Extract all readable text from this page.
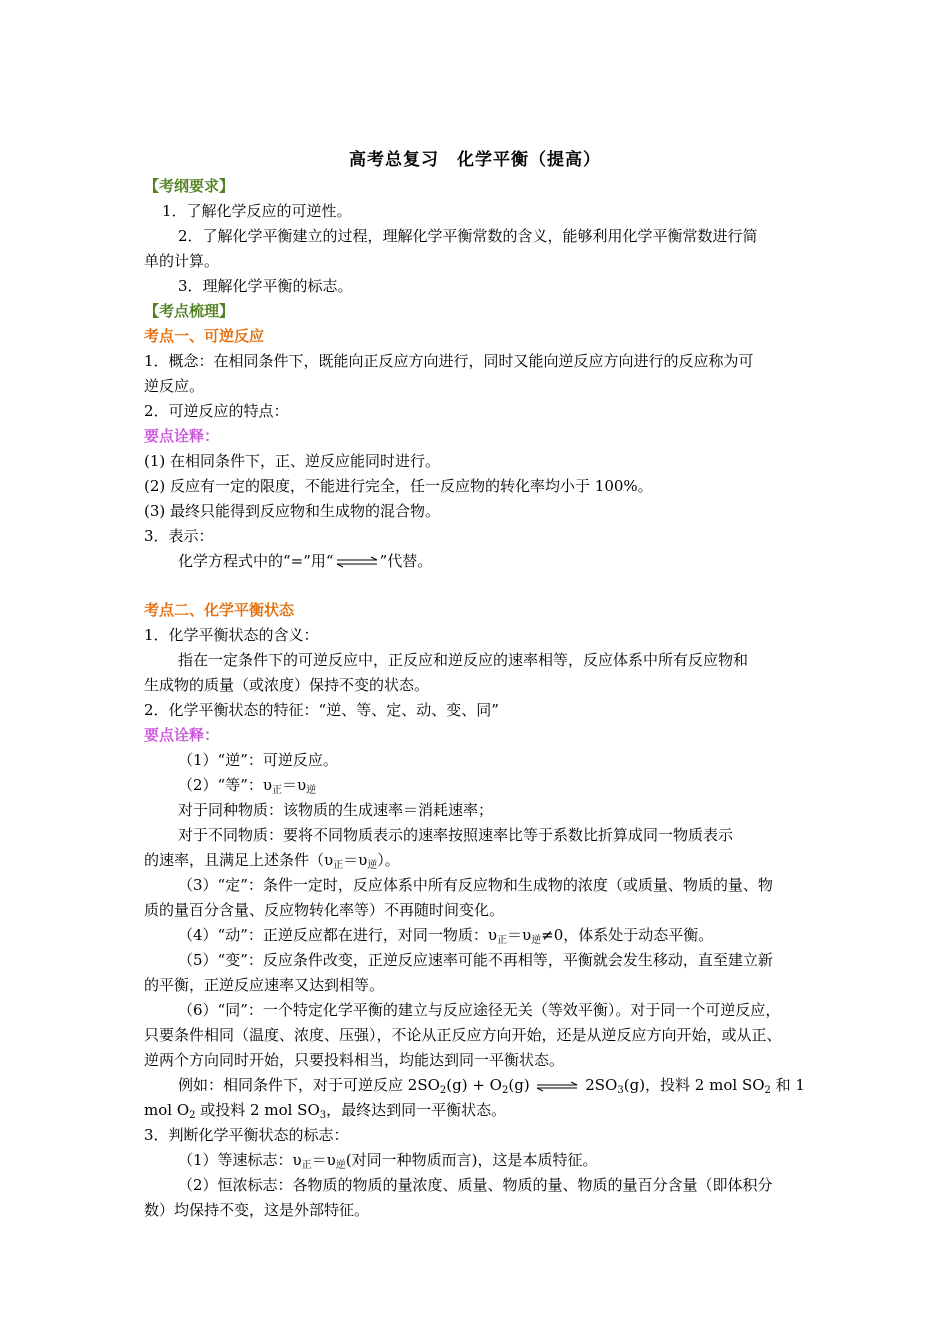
高考总复习　化学平衡（提高）
【考纲要求】
1．了解化学反应的可逆性。
2．了解化学平衡建立的过程，理解化学平衡常数的含义，能够利用化学平衡常数进行简
单的计算。
3．理解化学平衡的标志。
【考点梳理】
考点一、可逆反应
1．概念：在相同条件下，既能向正反应方向进行，同时又能向逆反应方向进行的反应称为可
逆反应。
2．可逆反应的特点：
要点诠释：
(1) 在相同条件下，正、逆反应能同时进行。
(2) 反应有一定的限度，不能进行完全，任一反应物的转化率均小于 100%。
(3) 最终只能得到反应物和生成物的混合物。
3．表示：
化学方程式中的“=”用“⇌”代替。
考点二、化学平衡状态
1．化学平衡状态的含义：
指在一定条件下的可逆反应中，正反应和逆反应的速率相等，反应体系中所有反应物和
生成物的质量（或浓度）保持不变的状态。
2．化学平衡状态的特征：“逆、等、定、动、变、同”
要点诠释：
（1）“逆”：可逆反应。
（2）“等”：$\upsilon_正=\upsilon_逆$
对于同种物质：该物质的生成速率＝消耗速率；
对于不同物质：要将不同物质表示的速率按照速率比等于系数比折算成同一物质表示
的速率，且满足上述条件$(\upsilon_正=\upsilon_逆)$。
（3）“定”：条件一定时，反应体系中所有反应物和生成物的浓度（或质量、物质的量、物
质的量百分含量、反应物转化率等）不再随时间变化。
（4）“动”：正逆反应都在进行，对同一物质：$\upsilon_正=\upsilon_逆\ne 0$，体系处于动态平衡。
（5）“变”：反应条件改变，正逆反应速率可能不再相等，平衡就会发生移动，直至建立新
的平衡，正逆反应速率又达到相等。
（6）“同”：一个特定化学平衡的建立与反应途径无关（等效平衡）。对于同一个可逆反应，
只要条件相同（温度、浓度、压强），不论从正反应方向开始，还是从逆反应方向开始，或从正、
逆两个方向同时开始，只要投料相当，均能达到同一平衡状态。
例如：相同条件下，对于可逆反应 $2SO_2(g) + O_2(g)$ ⇌ $2SO_3(g)$，投料 2 mol $SO_2$ 和 1
mol $O_2$ 或投料 2 mol $SO_3$，最终达到同一平衡状态。
3．判断化学平衡状态的标志：
（1）等速标志：$\upsilon_正=\upsilon_逆$(对同一种物质而言)，这是本质特征。
（2）恒浓标志：各物质的物质的量浓度、质量、物质的量、物质的量百分含量（即体积分
数）均保持不变，这是外部特征。
